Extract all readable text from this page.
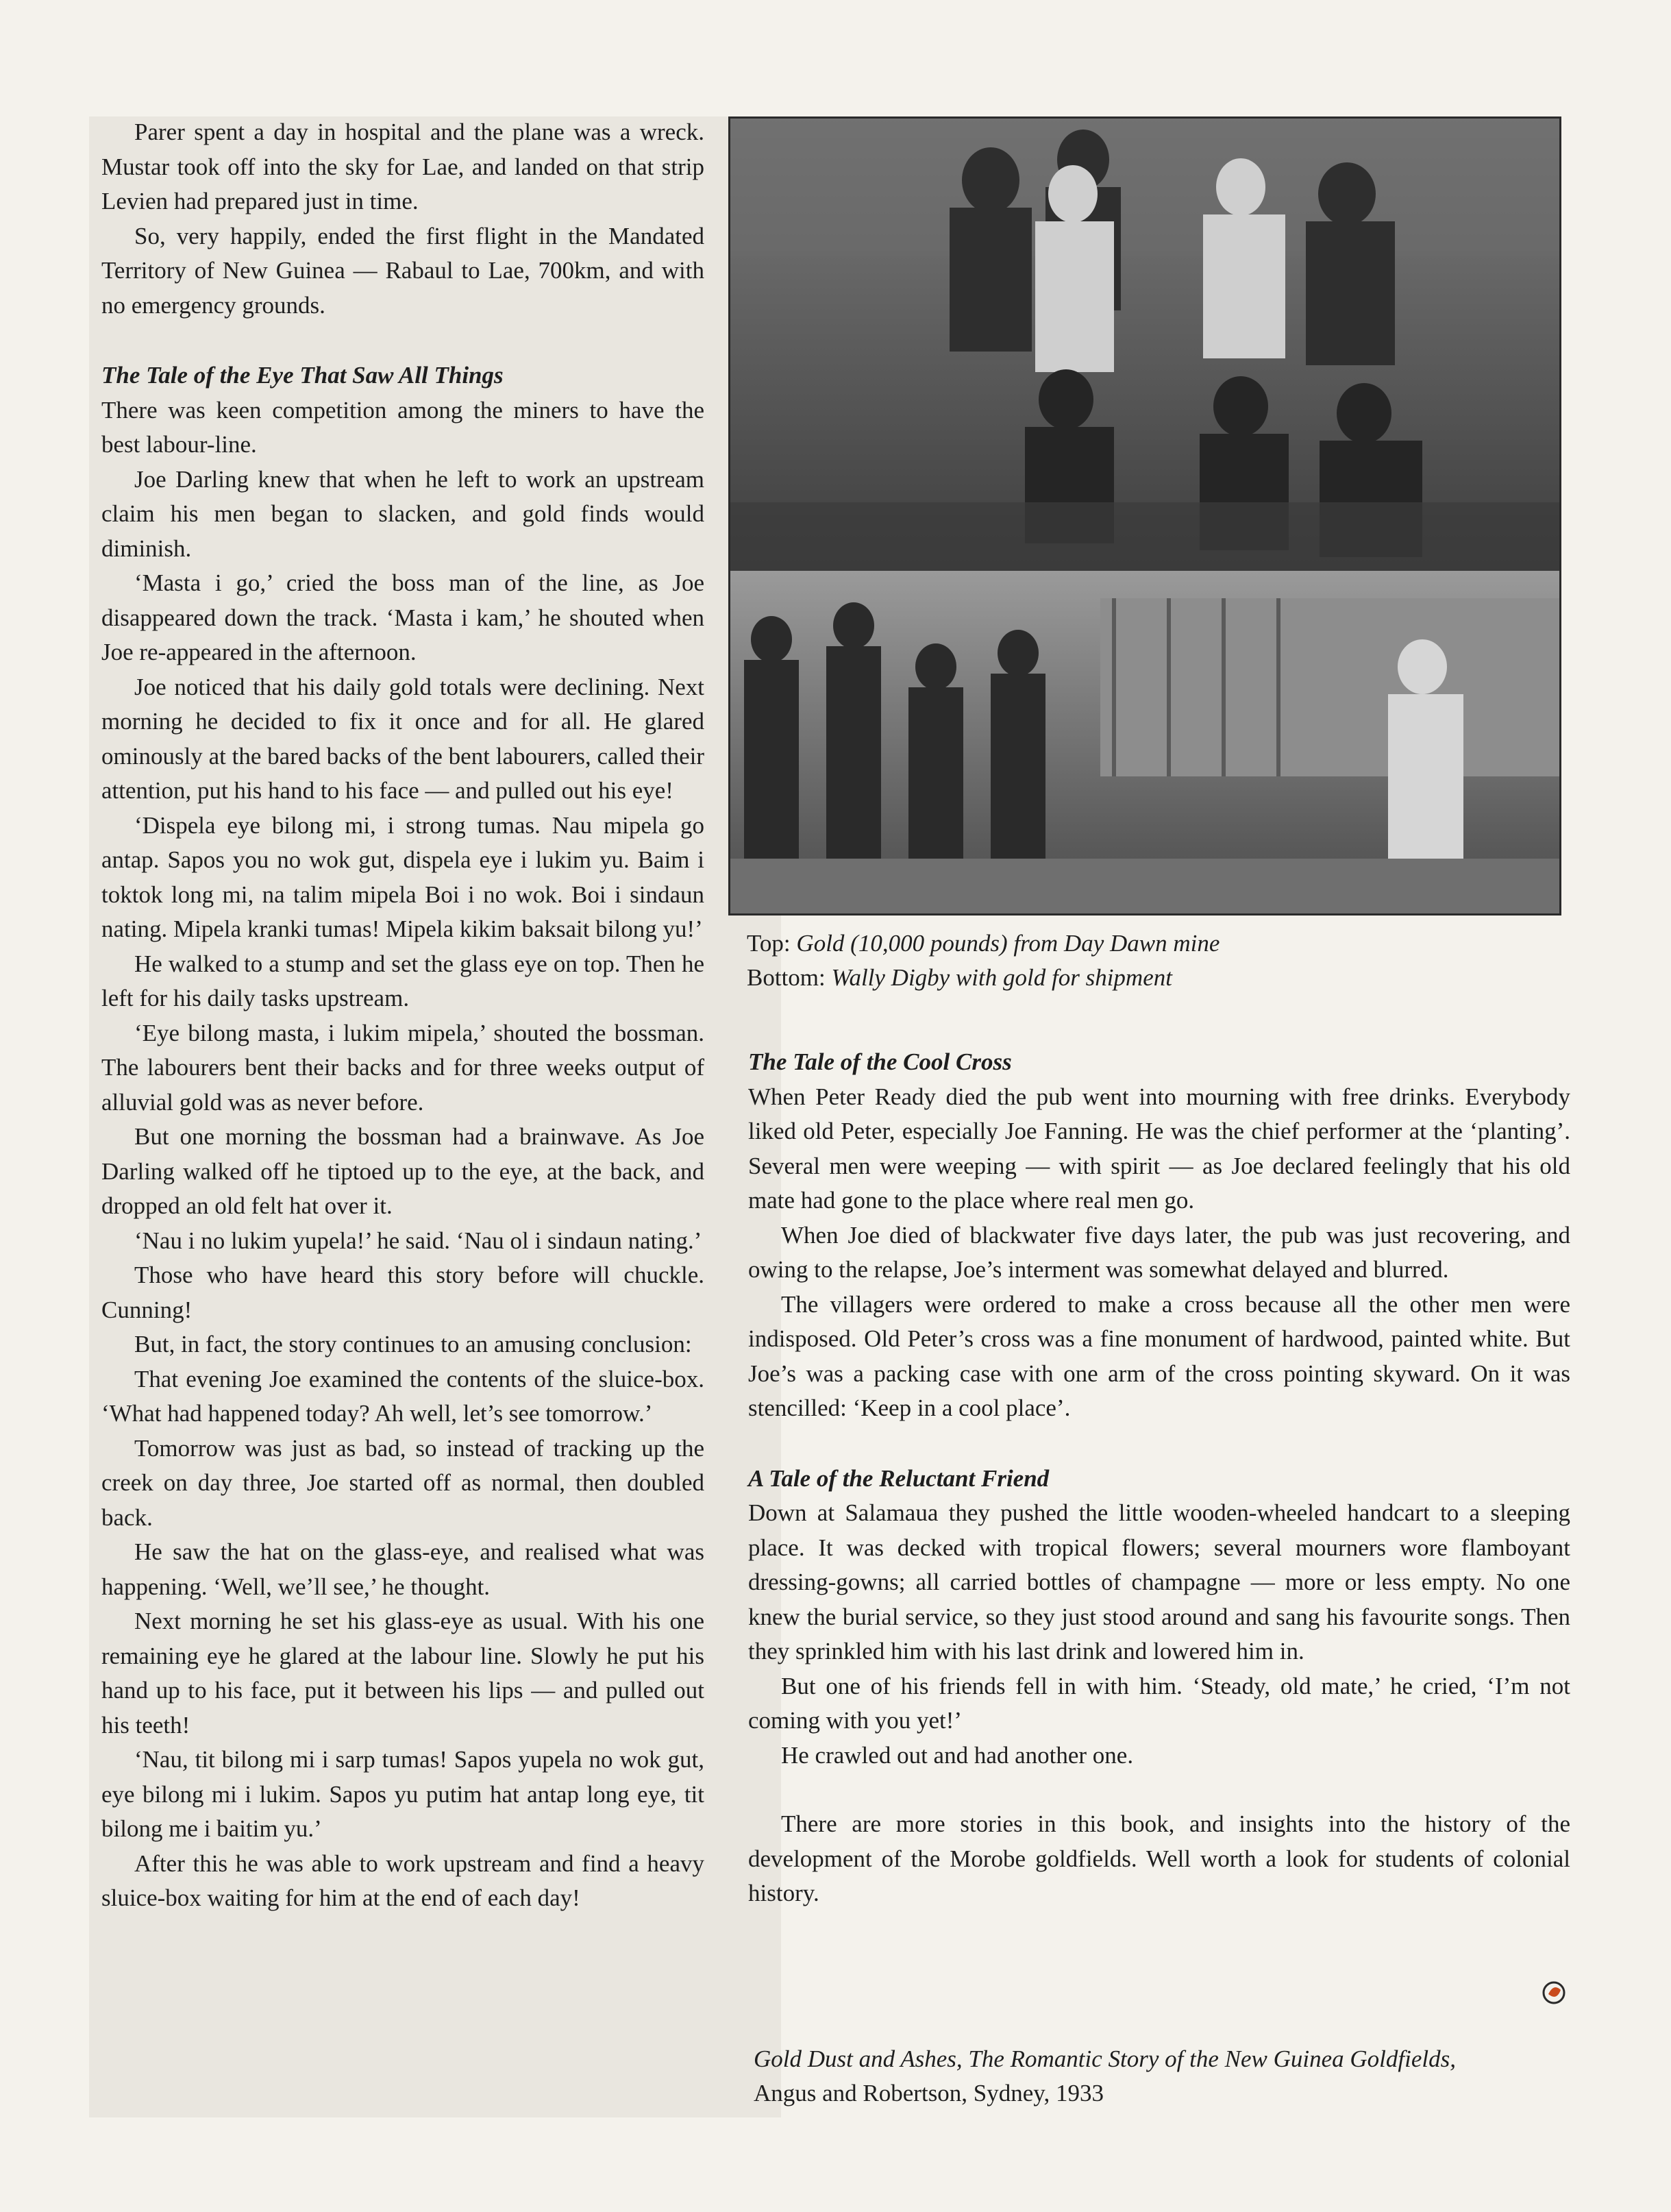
Parer spent a day in hospital and the plane was a wreck. Mustar took off into the sky for Lae, and landed on that strip Levien had prepared just in time.

So, very happily, ended the first flight in the Mandated Territory of New Guinea — Rabaul to Lae, 700km, and with no emergency grounds.

The Tale of the Eye That Saw All Things

There was keen competition among the miners to have the best labour-line.

Joe Darling knew that when he left to work an upstream claim his men began to slacken, and gold finds would diminish.

‘Masta i go,’ cried the boss man of the line, as Joe disappeared down the track. ‘Masta i kam,’ he shouted when Joe re-appeared in the afternoon.

Joe noticed that his daily gold totals were declining. Next morning he decided to fix it once and for all. He glared ominously at the bared backs of the bent labourers, called their attention, put his hand to his face — and pulled out his eye!

‘Dispela eye bilong mi, i strong tumas. Nau mipela go antap. Sapos you no wok gut, dispela eye i lukim yu. Baim i toktok long mi, na talim mipela Boi i no wok. Boi i sindaun nating. Mipela kranki tumas! Mipela kikim baksait bilong yu!’

He walked to a stump and set the glass eye on top. Then he left for his daily tasks upstream.

‘Eye bilong masta, i lukim mipela,’ shouted the bossman. The labourers bent their backs and for three weeks output of alluvial gold was as never before.

But one morning the bossman had a brainwave. As Joe Darling walked off he tiptoed up to the eye, at the back, and dropped an old felt hat over it.

‘Nau i no lukim yupela!’ he said. ‘Nau ol i sindaun nating.’

Those who have heard this story before will chuckle. Cunning!

But, in fact, the story continues to an amusing conclusion:

That evening Joe examined the contents of the sluice-box. ‘What had happened today? Ah well, let’s see tomorrow.’

Tomorrow was just as bad, so instead of tracking up the creek on day three, Joe started off as normal, then doubled back.

He saw the hat on the glass-eye, and realised what was happening. ‘Well, we’ll see,’ he thought.

Next morning he set his glass-eye as usual. With his one remaining eye he glared at the labour line. Slowly he put his hand up to his face, put it between his lips — and pulled out his teeth!

‘Nau, tit bilong mi i sarp tumas! Sapos yupela no wok gut, eye bilong mi i lukim. Sapos yu putim hat antap long eye, tit bilong me i baitim yu.’

After this he was able to work upstream and find a heavy sluice-box waiting for him at the end of each day!

Top: Gold (10,000 pounds) from Day Dawn mine
Bottom: Wally Digby with gold for shipment

The Tale of the Cool Cross

When Peter Ready died the pub went into mourning with free drinks. Everybody liked old Peter, especially Joe Fanning. He was the chief performer at the ‘planting’. Several men were weeping — with spirit — as Joe declared feelingly that his old mate had gone to the place where real men go.

When Joe died of blackwater five days later, the pub was just recovering, and owing to the relapse, Joe’s interment was somewhat delayed and blurred.

The villagers were ordered to make a cross because all the other men were indisposed. Old Peter’s cross was a fine monument of hardwood, painted white. But Joe’s was a packing case with one arm of the cross pointing skyward. On it was stencilled: ‘Keep in a cool place’.

A Tale of the Reluctant Friend

Down at Salamaua they pushed the little wooden-wheeled handcart to a sleeping place. It was decked with tropical flowers; several mourners wore flamboyant dressing-gowns; all carried bottles of champagne — more or less empty. No one knew the burial service, so they just stood around and sang his favourite songs. Then they sprinkled him with his last drink and lowered him in.

But one of his friends fell in with him. ‘Steady, old mate,’ he cried, ‘I’m not coming with you yet!’

He crawled out and had another one.

There are more stories in this book, and insights into the history of the development of the Morobe goldfields. Well worth a look for students of colonial history.

Gold Dust and Ashes, The Romantic Story of the New Guinea Goldfields,
Angus and Robertson, Sydney, 1933
